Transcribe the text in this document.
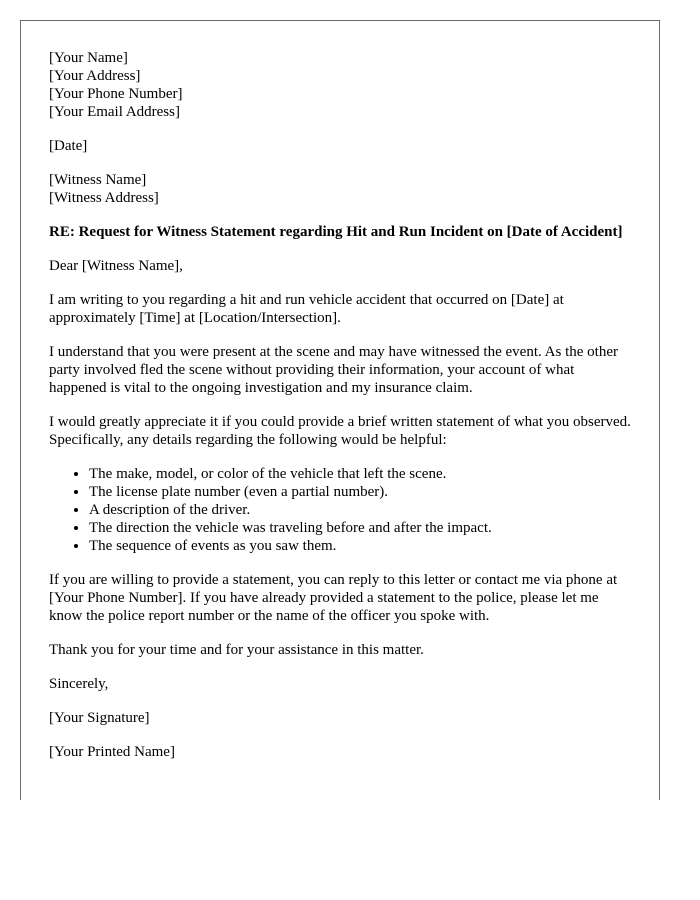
[Your Name]
[Your Address]
[Your Phone Number]
[Your Email Address]
[Date]
[Witness Name]
[Witness Address]
RE: Request for Witness Statement regarding Hit and Run Incident on [Date of Accident]

Dear [Witness Name],

I am writing to you regarding a hit and run vehicle accident that occurred on [Date] at approximately [Time] at [Location/Intersection].

I understand that you were present at the scene and may have witnessed the event. As the other party involved fled the scene without providing their information, your account of what happened is vital to the ongoing investigation and my insurance claim.

I would greatly appreciate it if you could provide a brief written statement of what you observed. Specifically, any details regarding the following would be helpful:

• The make, model, or color of the vehicle that left the scene.
• The license plate number (even a partial number).
• A description of the driver.
• The direction the vehicle was traveling before and after the impact.
• The sequence of events as you saw them.

If you are willing to provide a statement, you can reply to this letter or contact me via phone at [Your Phone Number]. If you have already provided a statement to the police, please let me know the police report number or the name of the officer you spoke with.

Thank you for your time and for your assistance in this matter.

Sincerely,

[Your Signature]

[Your Printed Name]
